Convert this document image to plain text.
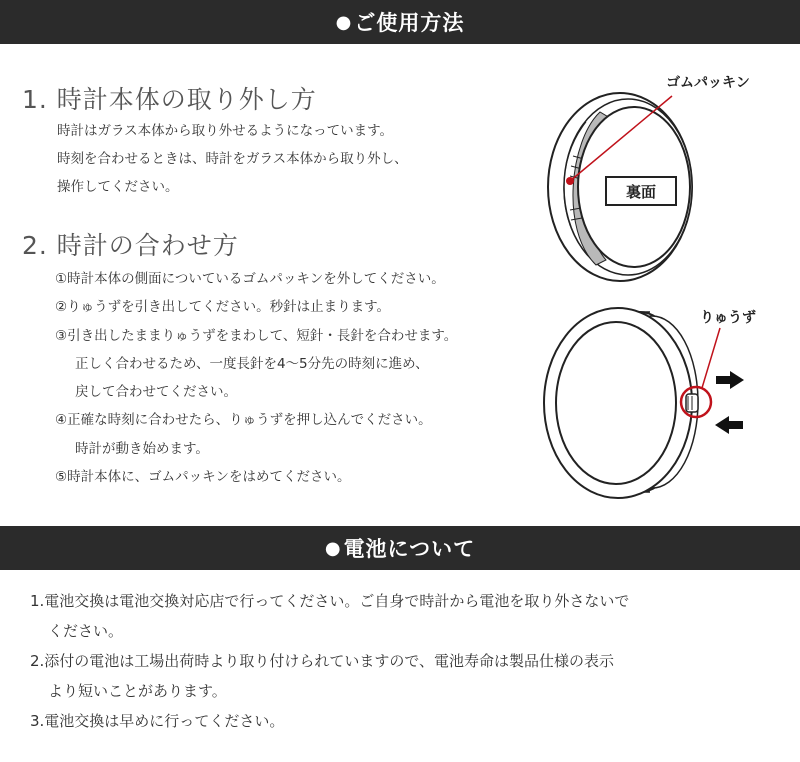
● ご使用方法
1. 時計本体の取り外し方
時計はガラス本体から取り外せるようになっています。
時刻を合わせるときは、時計をガラス本体から取り外し、
操作してください。
2. 時計の合わせ方
①時計本体の側面についているゴムパッキンを外してください。
②りゅうずを引き出してください。秒針は止まります。
③引き出したままりゅうずをまわして、短針・長針を合わせます。
正しく合わせるため、一度長針を4〜5分先の時刻に進め、
戻して合わせてください。
④正確な時刻に合わせたら、りゅうずを押し込んでください。
時計が動き始めます。
⑤時計本体に、ゴムパッキンをはめてください。
裏面
ゴムパッキン
りゅうず
● 電池について
1.電池交換は電池交換対応店で行ってください。ご自身で時計から電池を取り外さないで
ください。
2.添付の電池は工場出荷時より取り付けられていますので、電池寿命は製品仕様の表示
より短いことがあります。
3.電池交換は早めに行ってください。
